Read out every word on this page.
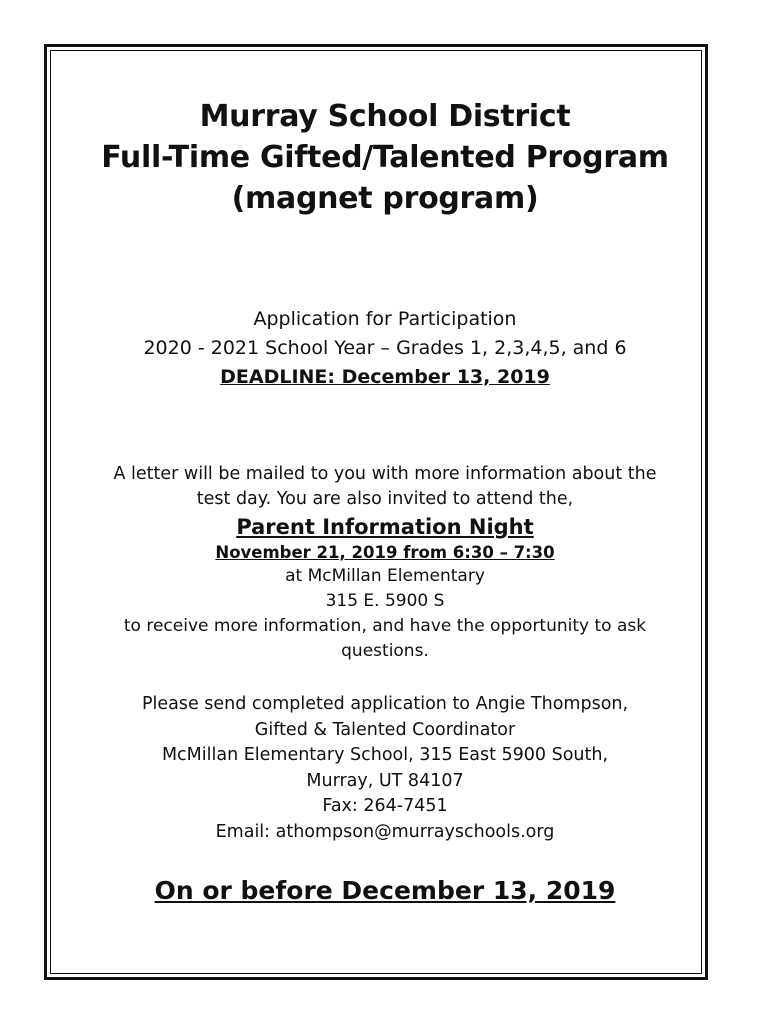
Murray School District
Full-Time Gifted/Talented Program
(magnet program)
Application for Participation
2020 - 2021 School Year – Grades 1, 2,3,4,5, and 6
DEADLINE: December 13, 2019
A letter will be mailed to you with more information about the
test day. You are also invited to attend the,
Parent Information Night
November 21, 2019 from 6:30 – 7:30
at McMillan Elementary
315 E. 5900 S
to receive more information, and have the opportunity to ask
questions.
Please send completed application to Angie Thompson,
Gifted & Talented Coordinator
McMillan Elementary School, 315 East 5900 South,
Murray, UT 84107
Fax: 264-7451
Email: athompson@murrayschools.org
On or before December 13, 2019
